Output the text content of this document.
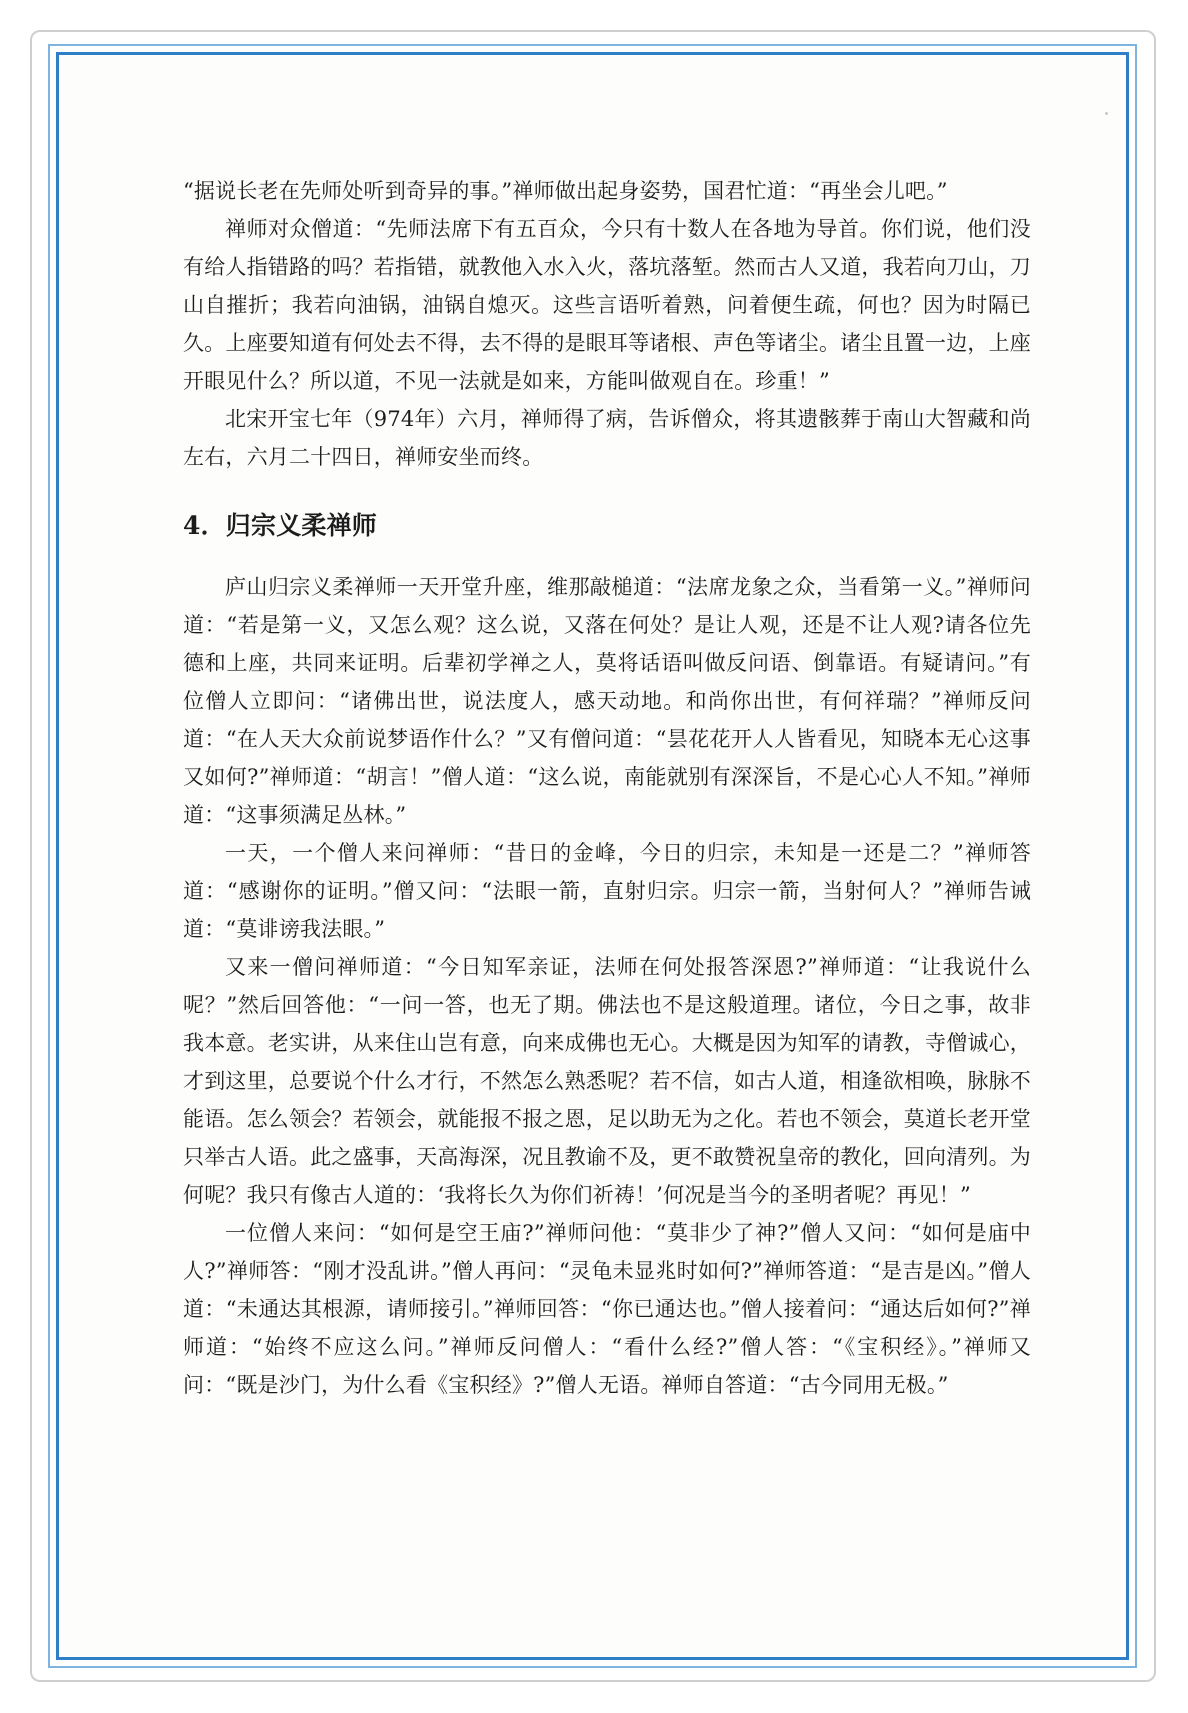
“据说长老在先师处听到奇异的事。”禅师做出起身姿势，国君忙道：“再坐会儿吧。”

禅师对众僧道：“先师法席下有五百众，今只有十数人在各地为导首。你们说，他们没有给人指错路的吗？若指错，就教他入水入火，落坑落堑。然而古人又道，我若向刀山，刀山自摧折；我若向油锅，油锅自熄灭。这些言语听着熟，问着便生疏，何也？因为时隔已久。上座要知道有何处去不得，去不得的是眼耳等诸根、声色等诸尘。诸尘且置一边，上座开眼见什么？所以道，不见一法就是如来，方能叫做观自在。珍重！”

北宋开宝七年（974年）六月，禅师得了病，告诉僧众，将其遗骸葬于南山大智藏和尚左右，六月二十四日，禅师安坐而终。

4．归宗义柔禅师

庐山归宗义柔禅师一天开堂升座，维那敲槌道：“法席龙象之众，当看第一义。”禅师问道：“若是第一义，又怎么观？这么说，又落在何处？是让人观，还是不让人观?请各位先德和上座，共同来证明。后辈初学禅之人，莫将话语叫做反问语、倒靠语。有疑请问。”有位僧人立即问：“诸佛出世，说法度人，感天动地。和尚你出世，有何祥瑞？”禅师反问道：“在人天大众前说梦语作什么？”又有僧问道：“昙花花开人人皆看见，知晓本无心这事又如何?”禅师道：“胡言！”僧人道：“这么说，南能就别有深深旨，不是心心人不知。”禅师道：“这事须满足丛林。”

一天，一个僧人来问禅师：“昔日的金峰，今日的归宗，未知是一还是二？”禅师答道：“感谢你的证明。”僧又问：“法眼一箭，直射归宗。归宗一箭，当射何人？”禅师告诫道：“莫诽谤我法眼。”

又来一僧问禅师道：“今日知军亲证，法师在何处报答深恩?”禅师道：“让我说什么呢？”然后回答他：“一问一答，也无了期。佛法也不是这般道理。诸位，今日之事，故非我本意。老实讲，从来住山岂有意，向来成佛也无心。大概是因为知军的请教，寺僧诚心，才到这里，总要说个什么才行，不然怎么熟悉呢？若不信，如古人道，相逢欲相唤，脉脉不能语。怎么领会？若领会，就能报不报之恩，足以助无为之化。若也不领会，莫道长老开堂只举古人语。此之盛事，天高海深，况且教谕不及，更不敢赞祝皇帝的教化，回向清列。为何呢？我只有像古人道的：‘我将长久为你们祈祷！’何况是当今的圣明者呢？再见！”

一位僧人来问：“如何是空王庙?”禅师问他：“莫非少了神?”僧人又问：“如何是庙中人?”禅师答：“刚才没乱讲。”僧人再问：“灵龟未显兆时如何?”禅师答道：“是吉是凶。”僧人道：“未通达其根源，请师接引。”禅师回答：“你已通达也。”僧人接着问：“通达后如何?”禅师道：“始终不应这么问。”禅师反问僧人：“看什么经?”僧人答：“《宝积经》。”禅师又问：“既是沙门，为什么看《宝积经》?”僧人无语。禅师自答道：“古今同用无极。”
